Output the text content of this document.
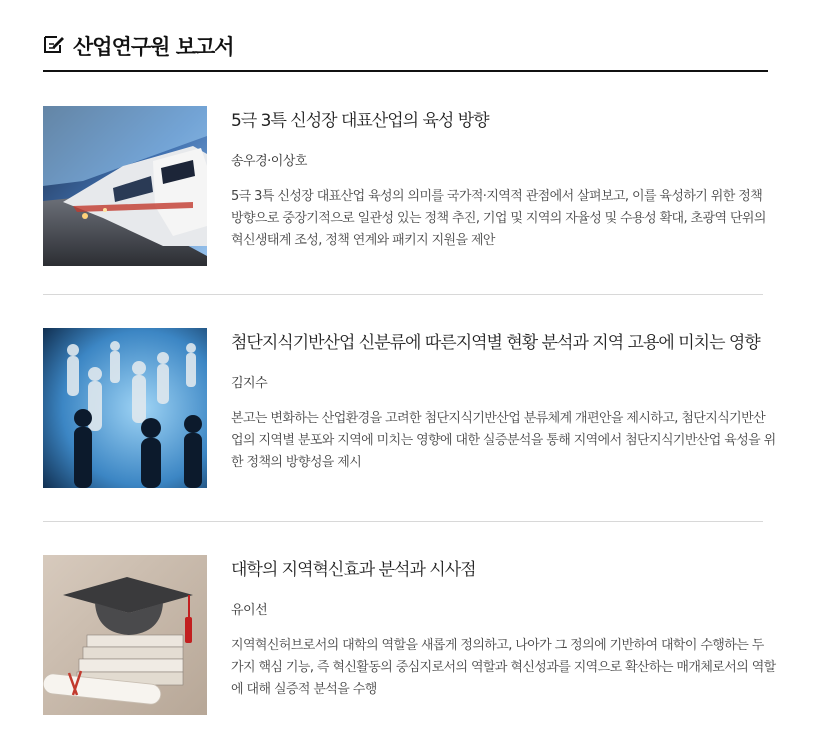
산업연구원 보고서
5극 3특 신성장 대표산업의 육성 방향
송우경·이상호
5극 3특 신성장 대표산업 육성의 의미를 국가적·지역적 관점에서 살펴보고, 이를 육성하기 위한 정책 방향으로 중장기적으로 일관성 있는 정책 추진, 기업 및 지역의 자율성 및 수용성 확대, 초광역 단위의 혁신생태계 조성, 정책 연계와 패키지 지원을 제안
첨단지식기반산업 신분류에 따른지역별 현황 분석과 지역 고용에 미치는 영향
김지수
본고는 변화하는 산업환경을 고려한 첨단지식기반산업 분류체계 개편안을 제시하고, 첨단지식기반산업의 지역별 분포와 지역에 미치는 영향에 대한 실증분석을 통해 지역에서 첨단지식기반산업 육성을 위한 정책의 방향성을 제시
대학의 지역혁신효과 분석과 시사점
유이선
지역혁신허브로서의 대학의 역할을 새롭게 정의하고, 나아가 그 정의에 기반하여 대학이 수행하는 두 가지 핵심 기능, 즉 혁신활동의 중심지로서의 역할과 혁신성과를 지역으로 확산하는 매개체로서의 역할에 대해 실증적 분석을 수행
